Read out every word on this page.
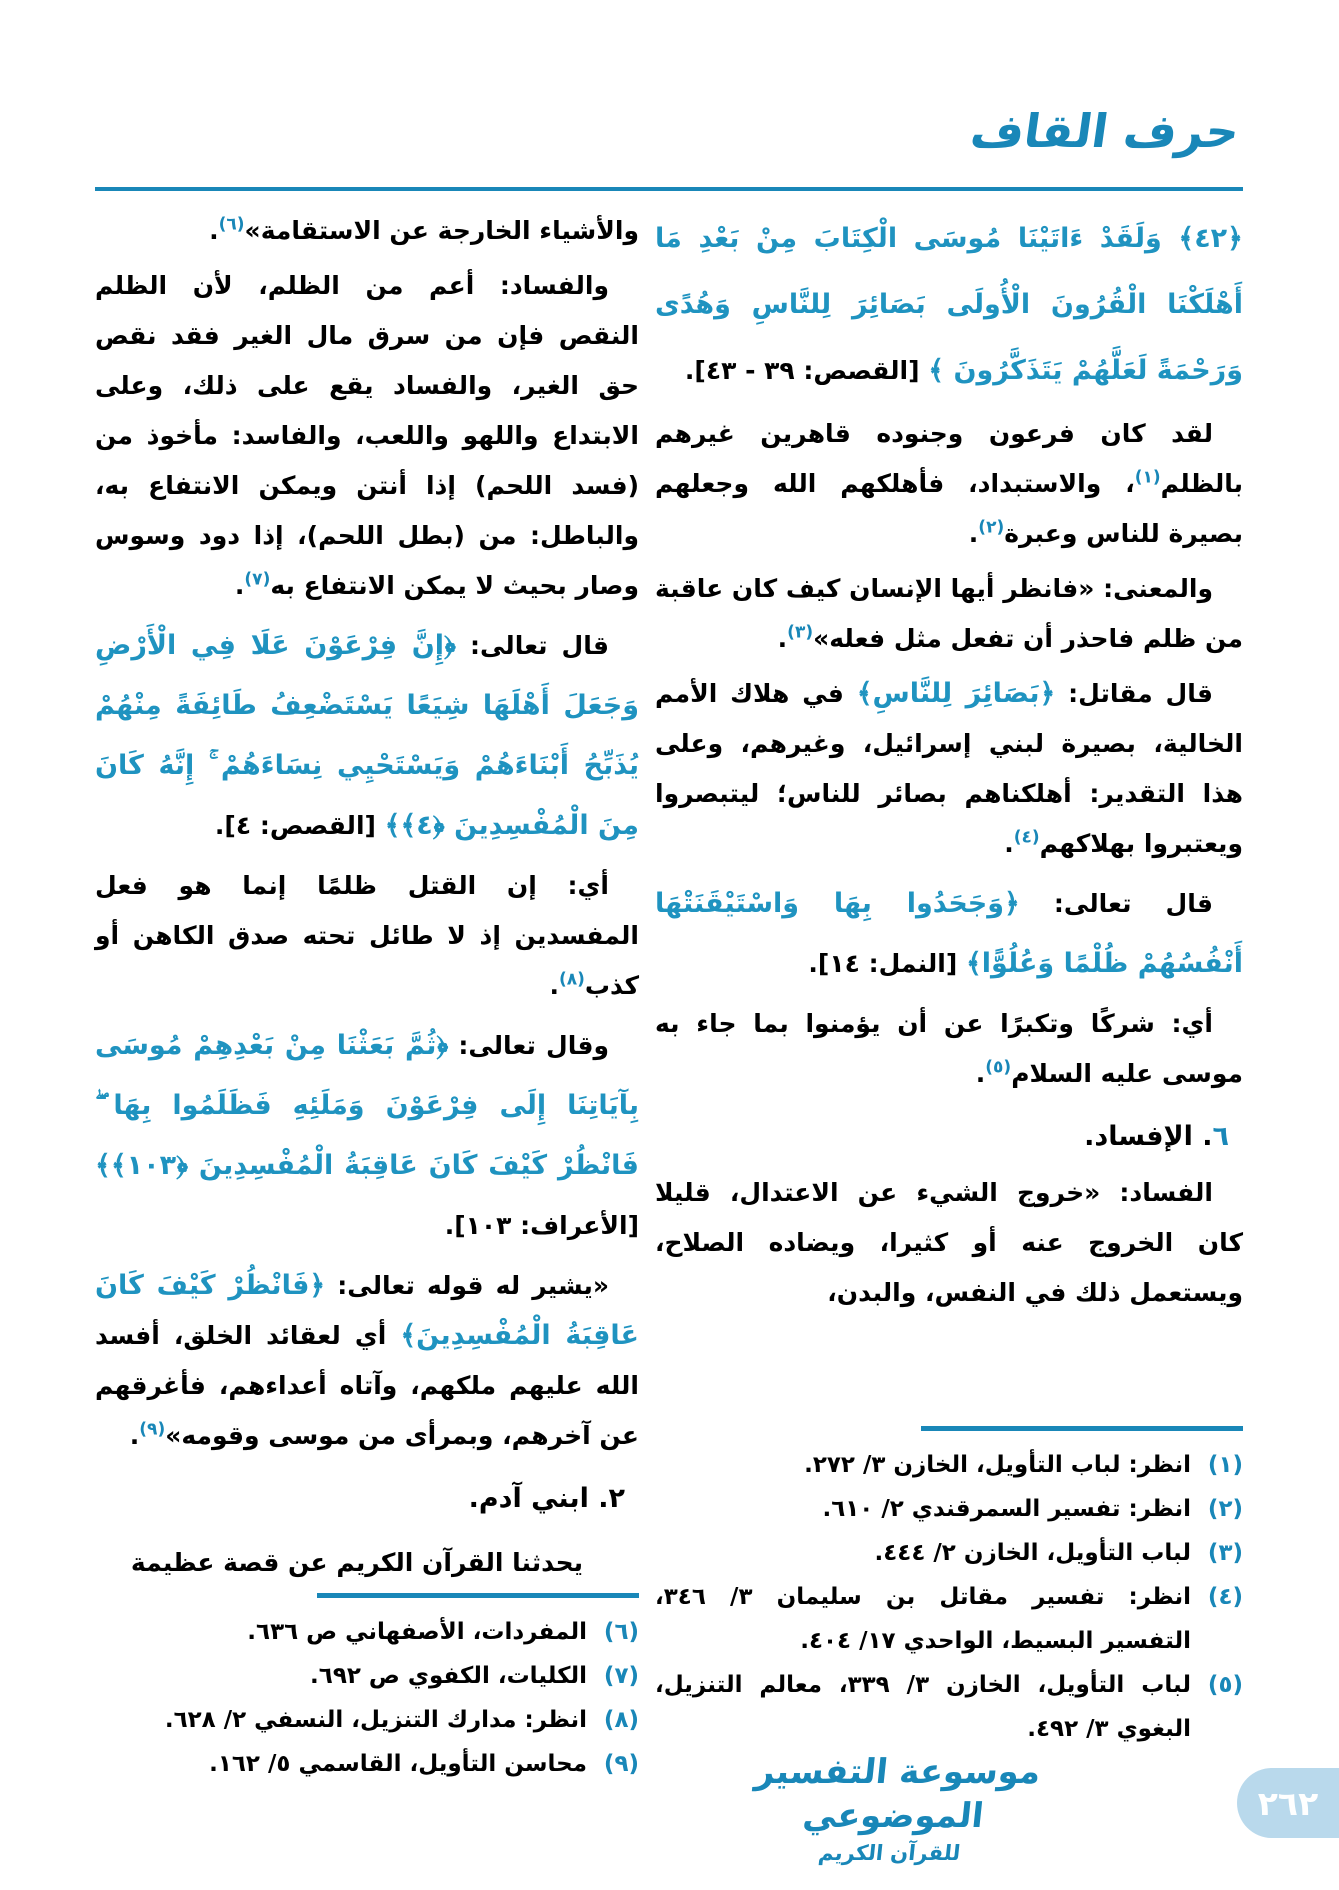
حرف القاف

﴿٤٢﴾ وَلَقَدْ ءَاتَيْنَا مُوسَى الْكِتَابَ مِنْ بَعْدِ مَا أَهْلَكْنَا الْقُرُونَ الْأُولَى بَصَائِرَ لِلنَّاسِ وَهُدًى وَرَحْمَةً لَعَلَّهُمْ يَتَذَكَّرُونَ ﴾ [القصص: ٣٩ - ٤٣].

لقد كان فرعون وجنوده قاهرين غيرهم بالظلم$^{(١)}$، والاستبداد، فأهلكهم الله وجعلهم بصيرة للناس وعبرة$^{(٢)}$.

والمعنى: «فانظر أيها الإنسان كيف كان عاقبة من ظلم فاحذر أن تفعل مثل فعله»$^{(٣)}$.

قال مقاتل: ﴿بَصَائِرَ لِلنَّاسِ﴾ في هلاك الأمم الخالية، بصيرة لبني إسرائيل، وغيرهم، وعلى هذا التقدير: أهلكناهم بصائر للناس؛ ليتبصروا ويعتبروا بهلاكهم$^{(٤)}$.

قال تعالى: ﴿وَجَحَدُوا بِهَا وَاسْتَيْقَنَتْهَا أَنْفُسُهُمْ ظُلْمًا وَعُلُوًّا﴾ [النمل: ١٤].

أي: شركًا وتكبرًا عن أن يؤمنوا بما جاء به موسى عليه السلام$^{(٥)}$.

٦. الإفساد.

الفساد: «خروج الشيء عن الاعتدال، قليلا كان الخروج عنه أو كثيرا، ويضاده الصلاح، ويستعمل ذلك في النفس، والبدن،

(١)
انظر: لباب التأويل، الخازن ٣/ ٢٧٢.
(٢)
انظر: تفسير السمرقندي ٢/ ٦١٠.
(٣)
لباب التأويل، الخازن ٢/ ٤٤٤.
(٤)
انظر: تفسير مقاتل بن سليمان ٣/ ٣٤٦، التفسير البسيط، الواحدي ١٧/ ٤٠٤.
(٥)
لباب التأويل، الخازن ٣/ ٣٣٩، معالم التنزيل، البغوي ٣/ ٤٩٢.

والأشياء الخارجة عن الاستقامة»$^{(٦)}$.

والفساد: أعم من الظلم، لأن الظلم النقص فإن من سرق مال الغير فقد نقص حق الغير، والفساد يقع على ذلك، وعلى الابتداع واللهو واللعب، والفاسد: مأخوذ من (فسد اللحم) إذا أنتن ويمكن الانتفاع به، والباطل: من (بطل اللحم)، إذا دود وسوس وصار بحيث لا يمكن الانتفاع به$^{(٧)}$.

قال تعالى: ﴿إِنَّ فِرْعَوْنَ عَلَا فِي الْأَرْضِ وَجَعَلَ أَهْلَهَا شِيَعًا يَسْتَضْعِفُ طَائِفَةً مِنْهُمْ يُذَبِّحُ أَبْنَاءَهُمْ وَيَسْتَحْيِي نِسَاءَهُمْ ۚ إِنَّهُ كَانَ مِنَ الْمُفْسِدِينَ ﴿٤﴾﴾ [القصص: ٤].

أي: إن القتل ظلمًا إنما هو فعل المفسدين إذ لا طائل تحته صدق الكاهن أو كذب$^{(٨)}$.

وقال تعالى: ﴿ثُمَّ بَعَثْنَا مِنْ بَعْدِهِمْ مُوسَى بِآيَاتِنَا إِلَى فِرْعَوْنَ وَمَلَئِهِ فَظَلَمُوا بِهَا ۖ فَانْظُرْ كَيْفَ كَانَ عَاقِبَةُ الْمُفْسِدِينَ ﴿١٠٣﴾﴾ [الأعراف: ١٠٣].

«يشير له قوله تعالى: ﴿فَانْظُرْ كَيْفَ كَانَ عَاقِبَةُ الْمُفْسِدِينَ﴾ أي لعقائد الخلق، أفسد الله عليهم ملكهم، وآتاه أعداءهم، فأغرقهم عن آخرهم، وبمرأى من موسى وقومه»$^{(٩)}$.

٢. ابني آدم.

يحدثنا القرآن الكريم عن قصة عظيمة

(٦)
المفردات، الأصفهاني ص ٦٣٦.
(٧)
الكليات، الكفوي ص ٦٩٢.
(٨)
انظر: مدارك التنزيل، النسفي ٢/ ٦٢٨.
(٩)
محاسن التأويل، القاسمي ٥/ ١٦٢.	موسوعة التفسير الموضوعي
للقرآن الكريم
٢٦٢
